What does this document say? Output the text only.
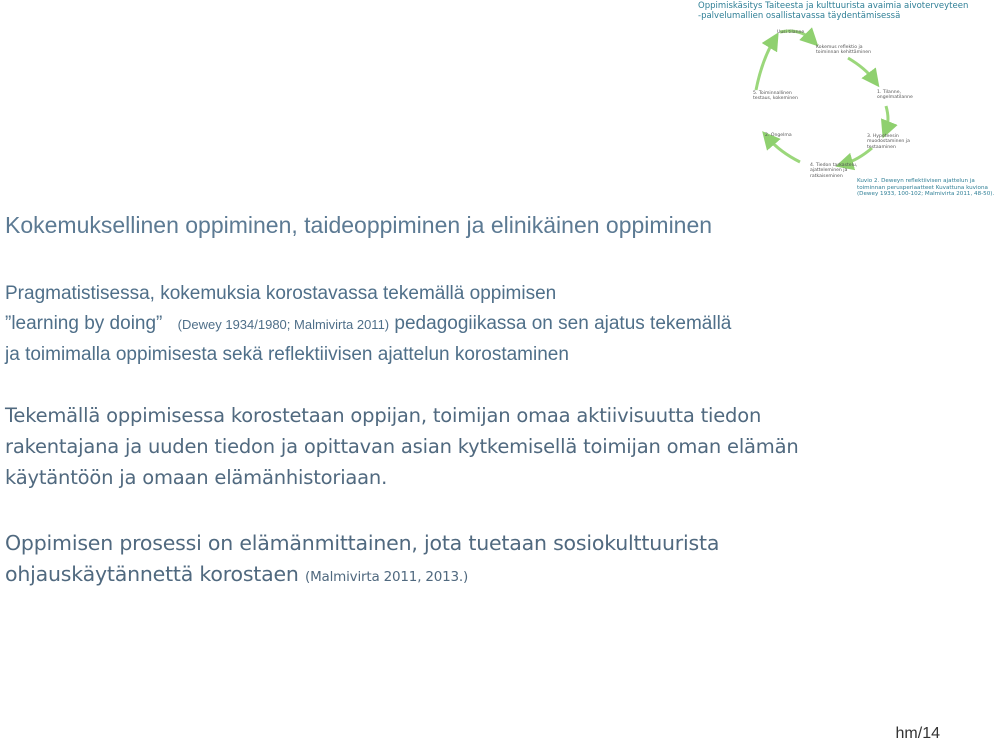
Oppimiskäsitys Taiteesta ja kulttuurista avaimia aivoterveyteen
-palvelumallien osallistavassa täydentämisessä
Uusi tilanne
Kokemus reflektio ja toiminnan kehittäminen
5. Toiminnallinen testaus, kokeminen
1. Tilanne, ongelmatilanne
2. Ongelma	3. Hypoteesin muodostaminen ja testaaminen
4. Tiedon tarkastelu, ajatteleminen ja ratkaiseminen
Kuvio 2. Deweyn reflektiivisen ajattelun ja
toiminnan perusperiaatteet Kuvattuna kuviona
(Dewey 1933, 100-102; Malmivirta 2011, 48-50).
Kokemuksellinen oppiminen, taideoppiminen ja elinikäinen oppiminen
Pragmatistisessa, kokemuksia korostavassa tekemällä oppimisen
”learning by doing” (Dewey 1934/1980; Malmivirta 2011) pedagogiikassa on sen ajatus tekemällä
ja toimimalla oppimisesta sekä reflektiivisen ajattelun korostaminen
Tekemällä oppimisessa korostetaan oppijan, toimijan omaa aktiivisuutta tiedon
rakentajana ja uuden tiedon ja opittavan asian kytkemisellä toimijan oman elämän
käytäntöön ja omaan elämänhistoriaan.
Oppimisen prosessi on elämänmittainen, jota tuetaan sosiokulttuurista
ohjauskäytännettä korostaen (Malmivirta 2011, 2013.)
hm/14
